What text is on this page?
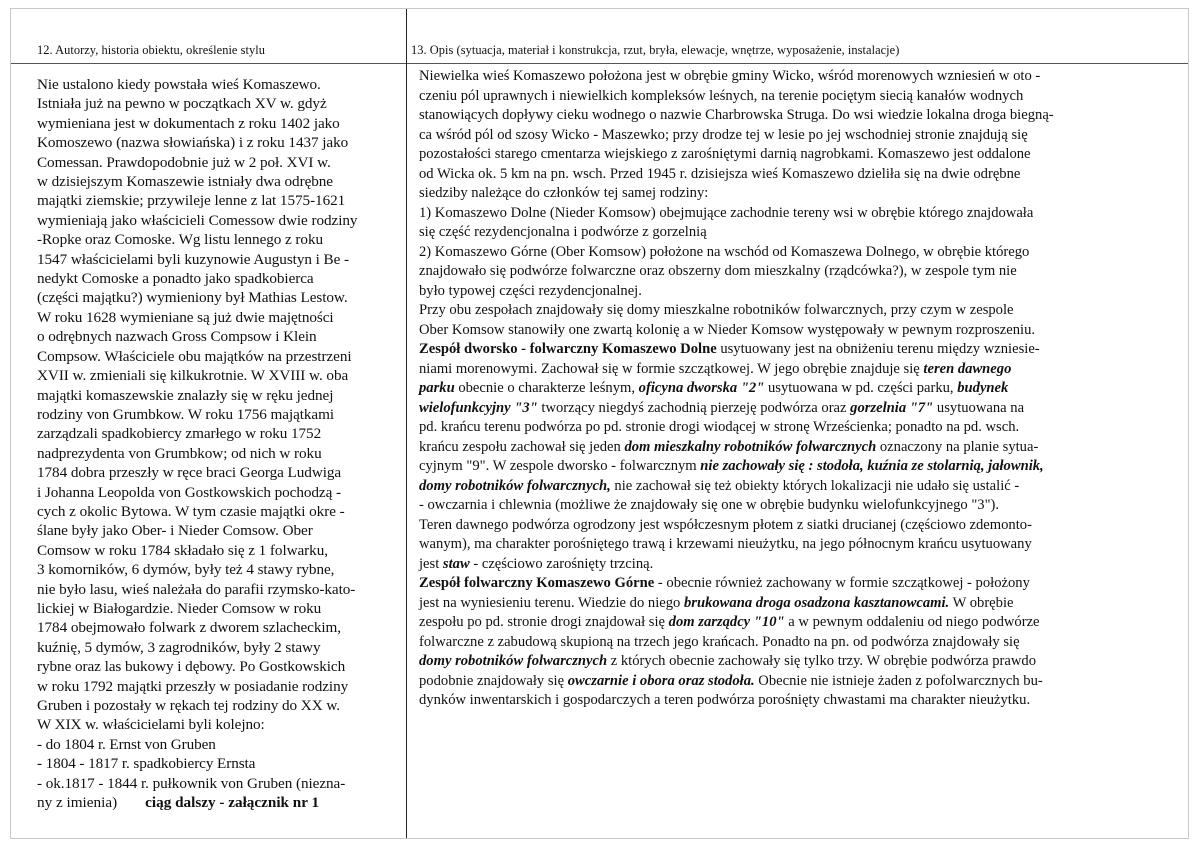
12. Autorzy, historia obiektu, określenie stylu	13. Opis (sytuacja, materiał i konstrukcja, rzut, bryła, elewacje, wnętrze, wyposażenie, instalacje)
Nie ustalono kiedy powstała wieś Komaszewo.
Istniała już na pewno w początkach XV w. gdyż
wymieniana jest w dokumentach z roku 1402 jako
Komoszewo (nazwa słowiańska) i z roku 1437 jako
Comessan. Prawdopodobnie już w 2 poł. XVI w.
w dzisiejszym Komaszewie istniały dwa odrębne
majątki ziemskie; przywileje lenne z lat 1575-1621
wymieniają jako właścicieli Comessow dwie rodziny
-Ropke oraz Comoske. Wg listu lennego z roku
1547 właścicielami byli kuzynowie Augustyn i Be -
nedykt Comoske a ponadto jako spadkobierca
(części majątku?) wymieniony był Mathias Lestow.
W roku 1628 wymieniane są już dwie majętności
o odrębnych nazwach Gross Compsow i Klein
Compsow. Właściciele obu majątków na przestrzeni
XVII w. zmieniali się kilkukrotnie. W XVIII w. oba
majątki komaszewskie znalazły się w ręku jednej
rodziny von Grumbkow. W roku 1756 majątkami
zarządzali spadkobiercy zmarłego w roku 1752
nadprezydenta von Grumbkow; od nich w roku
1784 dobra przeszły w ręce braci Georga Ludwiga
i Johanna Leopolda von Gostkowskich pochodzą -
cych z okolic Bytowa. W tym czasie majątki okre -
ślane były jako Ober- i Nieder Comsow. Ober
Comsow w roku 1784 składało się z 1 folwarku,
3 komorników, 6 dymów, były też 4 stawy rybne,
nie było lasu, wieś należała do parafii rzymsko-kato-
lickiej w Białogardzie. Nieder Comsow w roku
1784 obejmowało folwark z dworem szlacheckim,
kuźnię, 5 dymów, 3 zagrodników, były 2 stawy
rybne oraz las bukowy i dębowy. Po Gostkowskich
w roku 1792 majątki przeszły w posiadanie rodziny
Gruben i pozostały w rękach tej rodziny do XX w.
W XIX w. właścicielami byli kolejno:
- do 1804 r. Ernst von Gruben
- 1804 - 1817 r. spadkobiercy Ernsta
- ok.1817 - 1844 r. pułkownik von Gruben (niezna-
ny z imienia) ciąg dalszy - załącznik nr 1
Niewielka wieś Komaszewo położona jest w obrębie gminy Wicko, wśród morenowych wzniesień w oto -
czeniu pól uprawnych i niewielkich kompleksów leśnych, na terenie pociętym siecią kanałów wodnych
stanowiących dopływy cieku wodnego o nazwie Charbrowska Struga. Do wsi wiedzie lokalna droga biegną-
ca wśród pól od szosy Wicko - Maszewko; przy drodze tej w lesie po jej wschodniej stronie znajdują się
pozostałości starego cmentarza wiejskiego z zarośniętymi darnią nagrobkami. Komaszewo jest oddalone
od Wicka ok. 5 km na pn. wsch. Przed 1945 r. dzisiejsza wieś Komaszewo dzieliła się na dwie odrębne
siedziby należące do członków tej samej rodziny:
1) Komaszewo Dolne (Nieder Komsow) obejmujące zachodnie tereny wsi w obrębie którego znajdowała
się część rezydencjonalna i podwórze z gorzelnią
2) Komaszewo Górne (Ober Komsow) położone na wschód od Komaszewa Dolnego, w obrębie którego
znajdowało się podwórze folwarczne oraz obszerny dom mieszkalny (rządcówka?), w zespole tym nie
było typowej części rezydencjonalnej.
Przy obu zespołach znajdowały się domy mieszkalne robotników folwarcznych, przy czym w zespole
Ober Komsow stanowiły one zwartą kolonię a w Nieder Komsow występowały w pewnym rozproszeniu.
Zespół dworsko - folwarczny Komaszewo Dolne usytuowany jest na obniżeniu terenu między wzniesie-
niami morenowymi. Zachował się w formie szczątkowej. W jego obrębie znajduje się teren dawnego
parku obecnie o charakterze leśnym, oficyna dworska "2" usytuowana w pd. części parku, budynek
wielofunkcyjny "3" tworzący niegdyś zachodnią pierzeję podwórza oraz gorzelnia "7" usytuowana na
pd. krańcu terenu podwórza po pd. stronie drogi wiodącej w stronę Wrześcienka; ponadto na pd. wsch.
krańcu zespołu zachował się jeden dom mieszkalny robotników folwarcznych oznaczony na planie sytua-
cyjnym "9". W zespole dworsko - folwarcznym nie zachowały się : stodoła, kuźnia ze stolarnią, jałownik,
domy robotników folwarcznych, nie zachował się też obiekty których lokalizacji nie udało się ustalić -
- owczarnia i chlewnia (możliwe że znajdowały się one w obrębie budynku wielofunkcyjnego "3").
Teren dawnego podwórza ogrodzony jest współczesnym płotem z siatki drucianej (częściowo zdemonto-
wanym), ma charakter porośniętego trawą i krzewami nieużytku, na jego północnym krańcu usytuowany
jest staw - częściowo zarośnięty trzciną.
Zespół folwarczny Komaszewo Górne - obecnie również zachowany w formie szczątkowej - położony
jest na wyniesieniu terenu. Wiedzie do niego brukowana droga osadzona kasztanowcami. W obrębie
zespołu po pd. stronie drogi znajdował się dom zarządcy "10" a w pewnym oddaleniu od niego podwórze
folwarczne z zabudową skupioną na trzech jego krańcach. Ponadto na pn. od podwórza znajdowały się
domy robotników folwarcznych z których obecnie zachowały się tylko trzy. W obrębie podwórza prawdo
podobnie znajdowały się owczarnie i obora oraz stodoła. Obecnie nie istnieje żaden z pofolwarcznych bu-
dynków inwentarskich i gospodarczych a teren podwórza porośnięty chwastami ma charakter nieużytku.
